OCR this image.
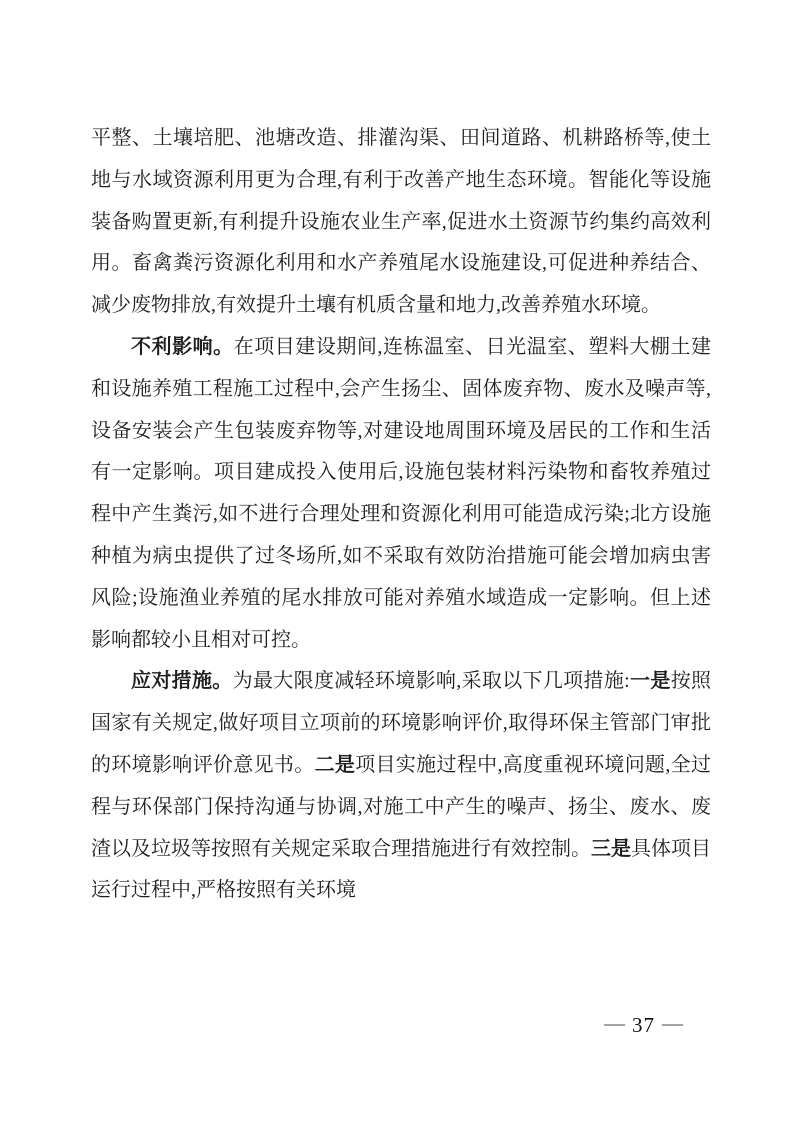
平整、土壤培肥、池塘改造、排灌沟渠、田间道路、机耕路桥等,使土地与水域资源利用更为合理,有利于改善产地生态环境。智能化等设施装备购置更新,有利提升设施农业生产率,促进水土资源节约集约高效利用。畜禽粪污资源化利用和水产养殖尾水设施建设,可促进种养结合、减少废物排放,有效提升土壤有机质含量和地力,改善养殖水环境。

不利影响。在项目建设期间,连栋温室、日光温室、塑料大棚土建和设施养殖工程施工过程中,会产生扬尘、固体废弃物、废水及噪声等,设备安装会产生包装废弃物等,对建设地周围环境及居民的工作和生活有一定影响。项目建成投入使用后,设施包装材料污染物和畜牧养殖过程中产生粪污,如不进行合理处理和资源化利用可能造成污染;北方设施种植为病虫提供了过冬场所,如不采取有效防治措施可能会增加病虫害风险;设施渔业养殖的尾水排放可能对养殖水域造成一定影响。但上述影响都较小且相对可控。

应对措施。为最大限度减轻环境影响,采取以下几项措施:一是按照国家有关规定,做好项目立项前的环境影响评价,取得环保主管部门审批的环境影响评价意见书。二是项目实施过程中,高度重视环境问题,全过程与环保部门保持沟通与协调,对施工中产生的噪声、扬尘、废水、废渣以及垃圾等按照有关规定采取合理措施进行有效控制。三是具体项目运行过程中,严格按照有关环境

— 37 —
